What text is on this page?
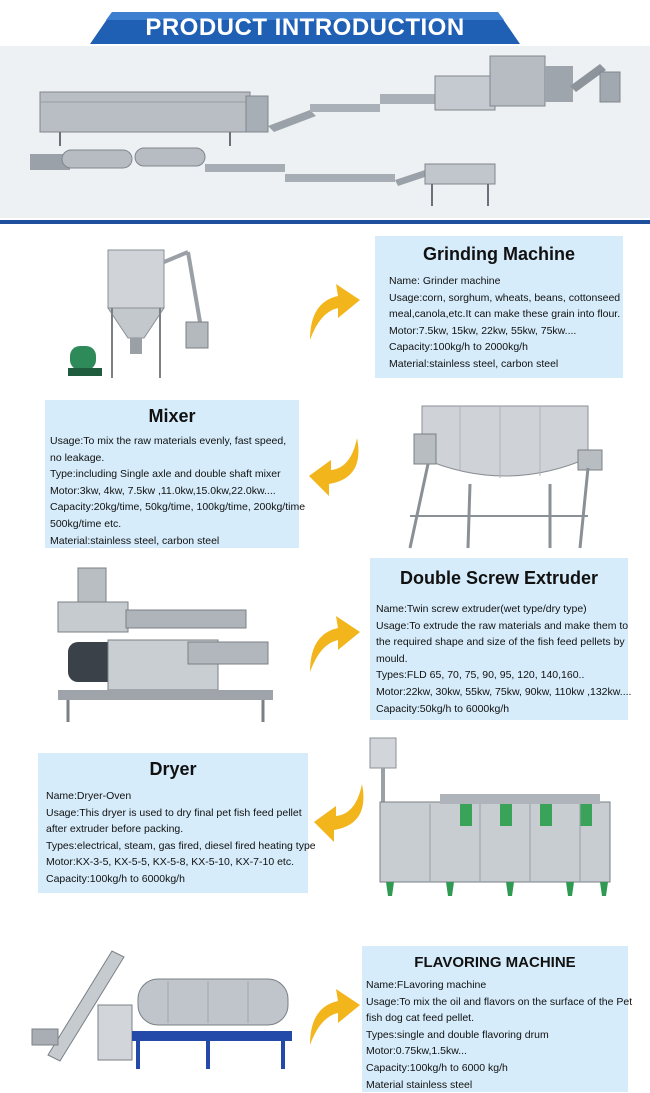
PRODUCT INTRODUCTION
Grinding Machine
Name: Grinder machine
Usage:corn, sorghum, wheats, beans, cottonseed
meal,canola,etc.It can make these grain into flour.
Motor:7.5kw, 15kw, 22kw, 55kw, 75kw....
Capacity:100kg/h to 2000kg/h
Material:stainless steel, carbon steel
Mixer
Usage:To mix the raw materials evenly, fast speed,
no leakage.
Type:including Single axle and double shaft mixer
Motor:3kw, 4kw, 7.5kw ,11.0kw,15.0kw,22.0kw....
Capacity:20kg/time, 50kg/time, 100kg/time, 200kg/time
500kg/time etc.
Material:stainless steel, carbon steel
Double Screw Extruder
Name:Twin screw extruder(wet type/dry type)
Usage:To extrude the raw materials and make them to
the required shape and size of the fish feed pellets by
mould.
Types:FLD 65, 70, 75, 90, 95, 120, 140,160..
Motor:22kw, 30kw, 55kw, 75kw, 90kw, 110kw ,132kw....
Capacity:50kg/h to 6000kg/h
Dryer
Name:Dryer-Oven
Usage:This dryer is used to dry final pet fish feed pellet
after extruder before packing.
Types:electrical, steam, gas fired, diesel fired heating type
Motor:KX-3-5, KX-5-5, KX-5-8, KX-5-10, KX-7-10 etc.
Capacity:100kg/h to 6000kg/h
FLAVORING MACHINE
Name:FLavoring machine
Usage:To mix the oil and flavors on the surface of the Pet
fish dog cat feed pellet.
Types:single and double flavoring drum
Motor:0.75kw,1.5kw...
Capacity:100kg/h to 6000 kg/h
Material stainless steel
